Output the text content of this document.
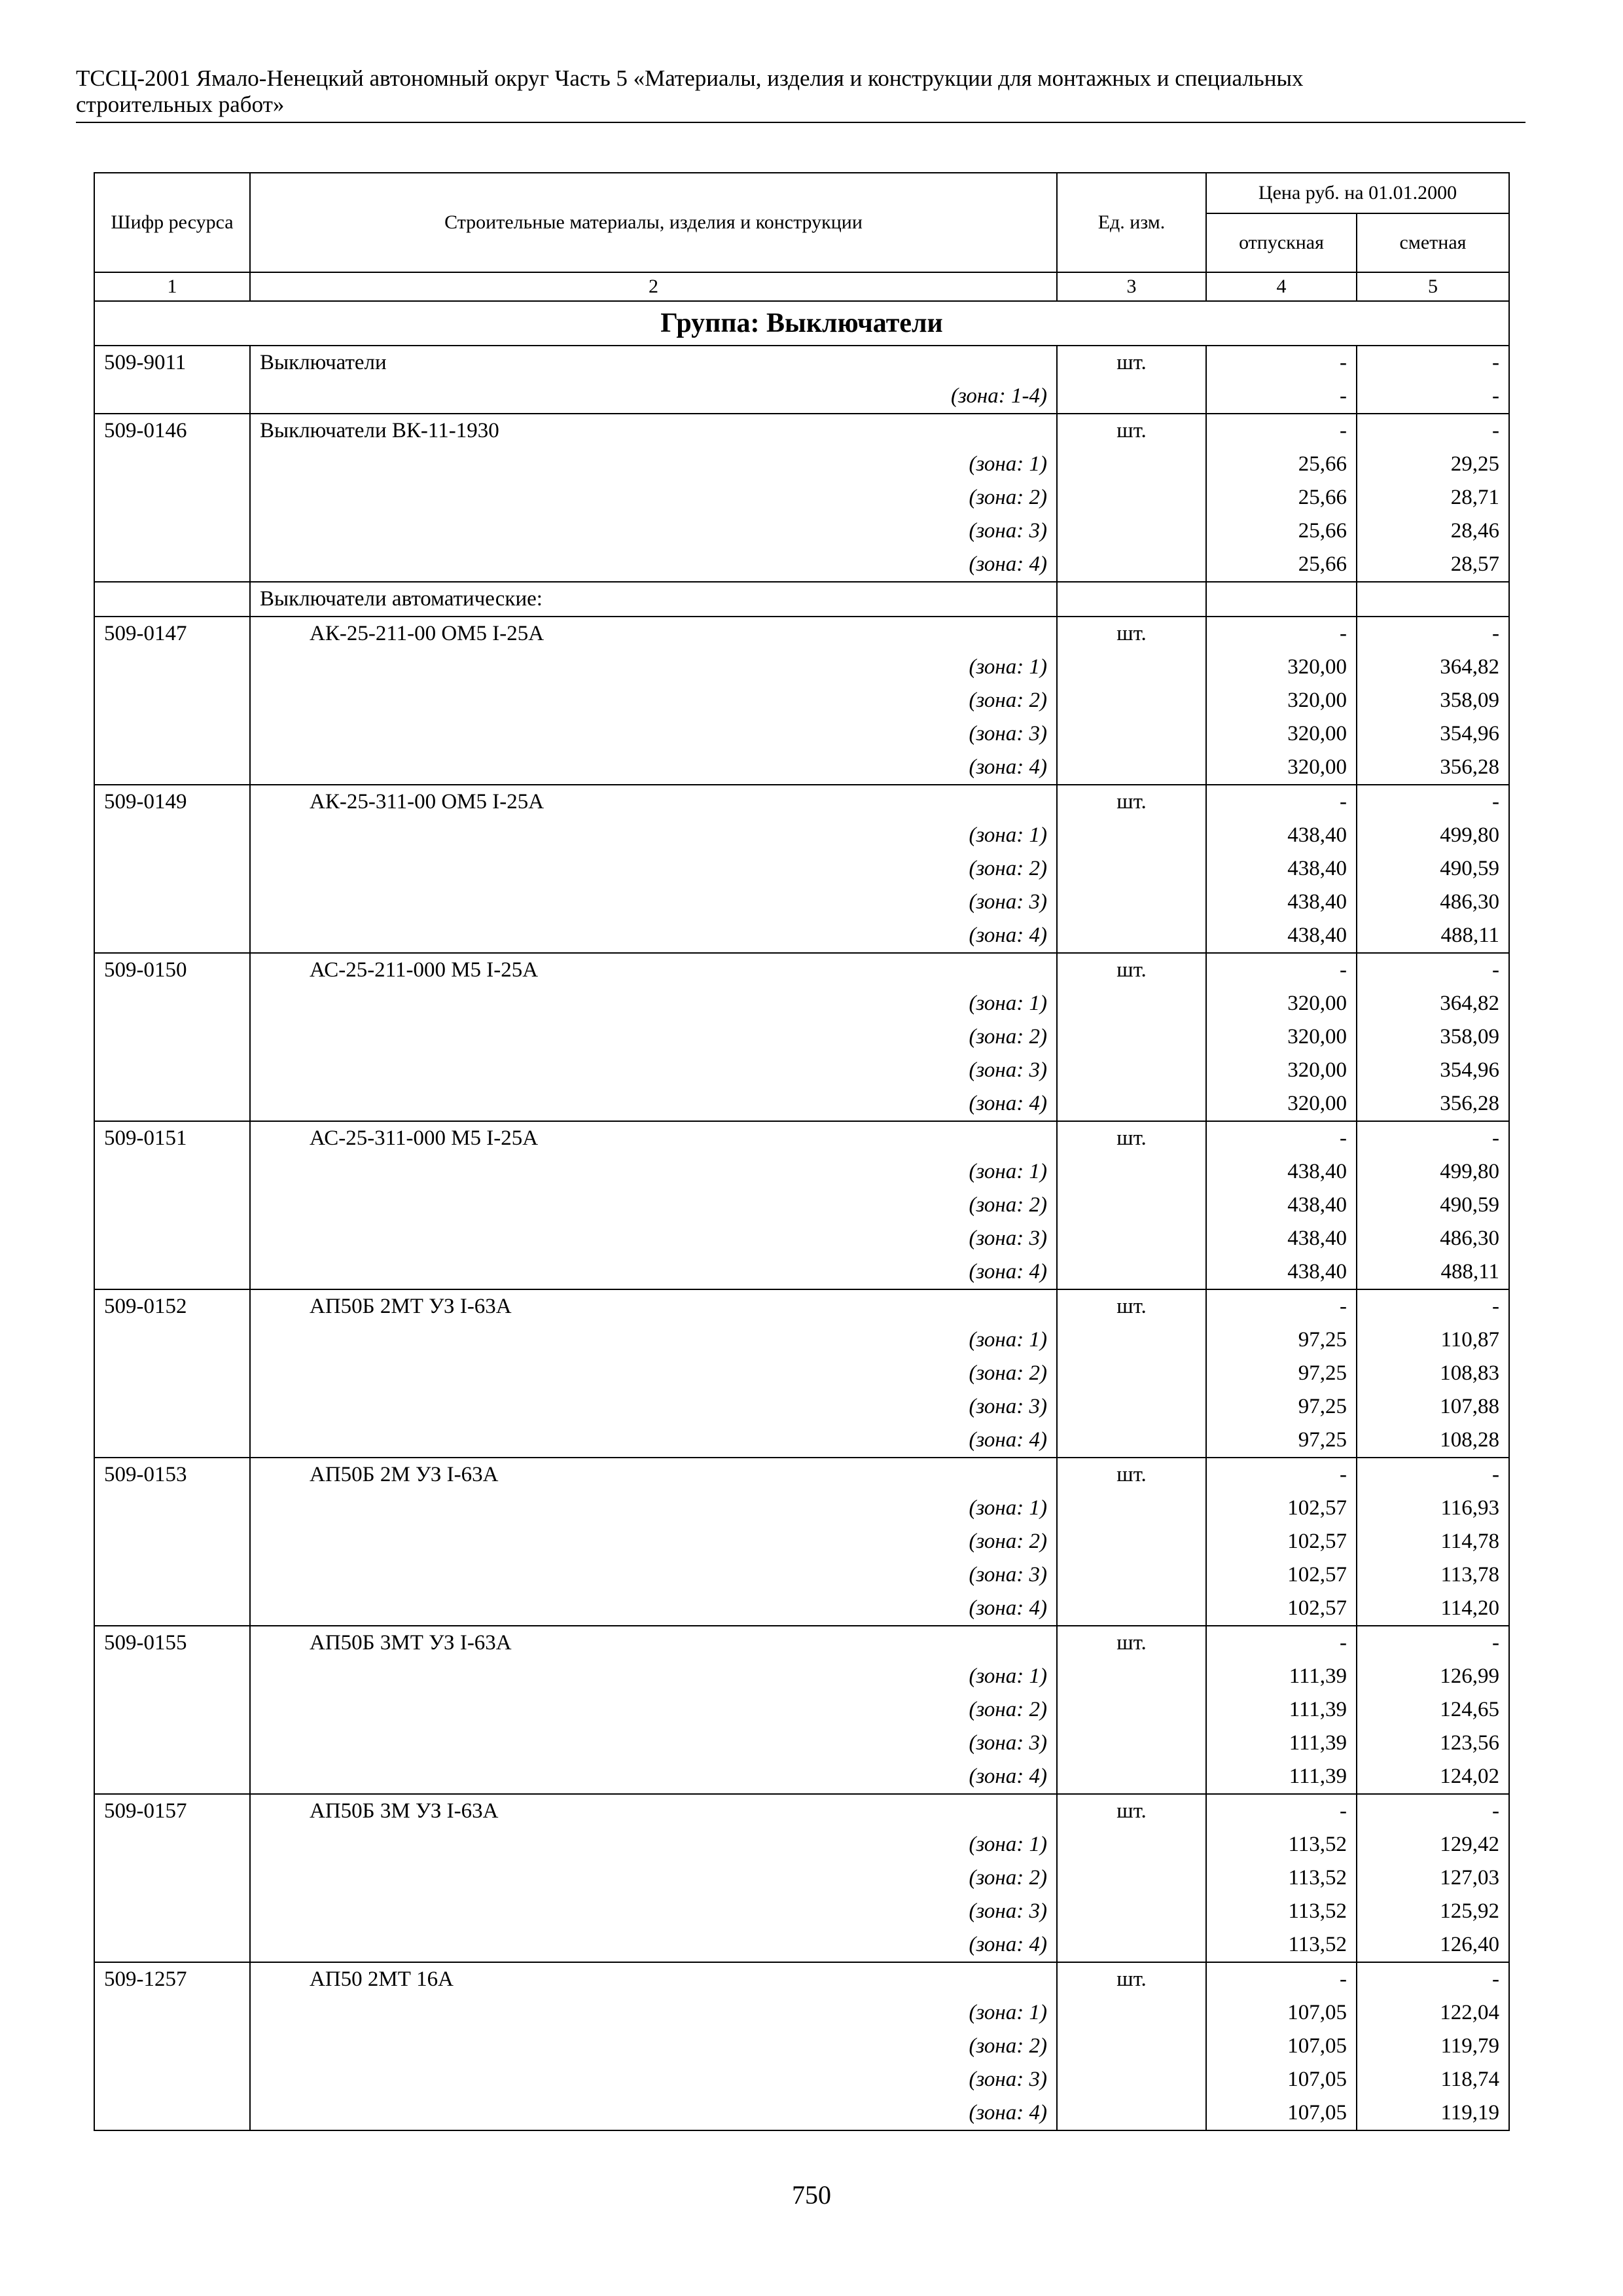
ТССЦ-2001 Ямало-Ненецкий автономный округ Часть 5 «Материалы, изделия и конструкции для монтажных и специальных
строительных работ»
Шифр ресурса	Строительные материалы, изделия и конструкции	Ед. изм.	Цена руб. на 01.01.2000	
			отпускная	сметная
1	2	3	4	5
Группа: Выключатели				
509-9011	Выключатели	шт.	-	-
	(зона: 1-4)		-	-
509-0146	Выключатели ВК-11-1930	шт.	-	-
	(зона: 1)		25,66	29,25
	(зона: 2)		25,66	28,71
	(зона: 3)		25,66	28,46
	(зона: 4)		25,66	28,57
	Выключатели автоматические:			
509-0147	АК-25-211-00 ОМ5 I-25А	шт.	-	-
	(зона: 1)		320,00	364,82
	(зона: 2)		320,00	358,09
	(зона: 3)		320,00	354,96
	(зона: 4)		320,00	356,28
509-0149	АК-25-311-00 ОМ5 I-25А	шт.	-	-
	(зона: 1)		438,40	499,80
	(зона: 2)		438,40	490,59
	(зона: 3)		438,40	486,30
	(зона: 4)		438,40	488,11
509-0150	АС-25-211-000 М5 I-25А	шт.	-	-
	(зона: 1)		320,00	364,82
	(зона: 2)		320,00	358,09
	(зона: 3)		320,00	354,96
	(зона: 4)		320,00	356,28
509-0151	АС-25-311-000 М5 I-25А	шт.	-	-
	(зона: 1)		438,40	499,80
	(зона: 2)		438,40	490,59
	(зона: 3)		438,40	486,30
	(зона: 4)		438,40	488,11
509-0152	АП50Б 2МТ УЗ I-63А	шт.	-	-
	(зона: 1)		97,25	110,87
	(зона: 2)		97,25	108,83
	(зона: 3)		97,25	107,88
	(зона: 4)		97,25	108,28
509-0153	АП50Б 2М УЗ I-63А	шт.	-	-
	(зона: 1)		102,57	116,93
	(зона: 2)		102,57	114,78
	(зона: 3)		102,57	113,78
	(зона: 4)		102,57	114,20
509-0155	АП50Б 3МТ УЗ I-63А	шт.	-	-
	(зона: 1)		111,39	126,99
	(зона: 2)		111,39	124,65
	(зона: 3)		111,39	123,56
	(зона: 4)		111,39	124,02
509-0157	АП50Б 3М УЗ I-63А	шт.	-	-
	(зона: 1)		113,52	129,42
	(зона: 2)		113,52	127,03
	(зона: 3)		113,52	125,92
	(зона: 4)		113,52	126,40
509-1257	АП50 2МТ 16А	шт.	-	-
	(зона: 1)		107,05	122,04
	(зона: 2)		107,05	119,79
	(зона: 3)		107,05	118,74
	(зона: 4)		107,05	119,19
750
